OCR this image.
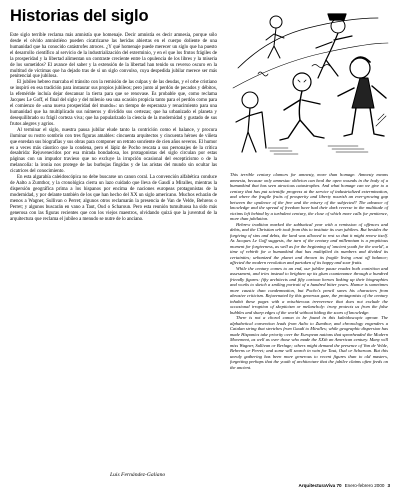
Historias del siglo

Este siglo terrible reclama más amnistía que homenaje. Decir amnistía es decir amnesia, porque sólo desde el olvido amnistiéno pueden cicatrizarse las heridas abiertas en el cuerpo doliente de una humanidad que ha conocido catástrofes atroces. ¿Y qué homenaje puede merecer un siglo que ha puesto el desarrollo científico al servicio de la industrialización del exterminio, y en el que los frutos frágiles de la prosperidad y la libertad alimentan un contraste creciente entre la opulencia de los libres y la miseria de los sometidos? El avance del saber y la extensión de la libertad han tenido su reverso oscuro en la multitud de víctimas que ha dejado tras de sí un siglo convulso, cuya despedida jubilar merece ser más penitencial que jubilosa.

El jubileo hebreo marcaba el tránsito con la remisión de las culpas y de las deudas, y el orbe cristiano se inspiró en esa tradición para instaurar sus propios jubileos; pero junto al perdón de pecados y débitos, la efeméride incluía dejar descansar la tierra para que se renovase. Es probable que, como reclama Jacques Le Goff, el final del siglo y del milenio sea una ocasión propicia tanto para el perdón como para el comienzo de «una nueva prosperidad del mundo»: un tiempo de esperanza y renacimiento para una humanidad que ha multiplicado sus números y dividido sus certezas; que ha urbanizado el planeta y desequilibrado su frágil corteza viva; que ha popularizado la ciencia de la modernidad y gustado de sus frutos alegres y agrios.

Al terminar el siglo, nuestra pausa jubilar elude tanto la contrición como el balance, y procura iluminar su rostro sombrío con tres figuras amables: cincuenta arquitectos y cincuenta héroes de viñeta que enredan sus biografías y sus obras para componer un retrato sonriente de cien años severos. El humor es a veces más cáustico que la condena, pero el lápiz de Pocho rescata a sus personajes de la crítica desabrida: Rejuvenecidos por esa mirada bondadosa, los protagonistas del siglo circulan por estas páginas con un impudor travieso que no excluye la irrupción ocasional del escepticismo o de la melancolía: la ironía nos protege de las burbujas fingidas y de las aristas del mundo sin ocultar las cicatrices del conocimiento.

En esta algarabía caleidoscópica no debe buscarse un canon coral. La convención alfabética conduce de Aalto a Zumthor, y la cronológica cierra un lazo cuidado que lleva de Gaudí a Miralles, mientras la dispersión geográfica prima a los hispanos por encima de naciones europeas protagonistas de la modernidad, y por delante también de los que han hecho del XX un siglo americano. Muchos echarán de menos a Wagner, Sullivan o Perret; algunos otros reclamarán la presencia de Van de Velde, Behrens o Perret; y algunos buscarán en vano a Taut, Oud o Scharoun. Pero esta reunión tumultuosa ha sido más generosa con las figuras recientes que con los viejos maestros, olvidando quizá que la juventud de la arquitectura que reclama el jubileo a menudo se nutre de lo anciano.

Luis Fernández-Galiano

This terrible century clamors for amnesty, more than homage. Amnesty means amnesia, because only amnesiac oblivion can heal the open wounds in the body of a humankind that has seen atrocious catastrophes. And what homage can we give to a century that has put scientific progress at the service of industrialized extermination, and where the fragile fruits of prosperity and liberty nourish an ever-growing gap between the opulence of the free and the misery of the subjected? The advance of knowledge and the spread of freedom have had their dark reverse in the multitude of victims left behind by a turbulent century, the close of which more calls for penitence, more than jubilation.

Hebrew tradition marked the sabbatical year with a remission of offences and debts, and the Christian orb took from this to institute its own jubilees. But besides the forgiving of sins and debts, the land was allowed to rest so that it might renew itself. As Jacques Le Goff suggests, the turn of the century and millennium is a propitious moment for forgiveness, as well as for the beginning of 'ancient youth for the world', a time of rebirth for a humankind that has multiplied its numbers and divided its certainties; urbanized the planet and thrown its fragile living crust off balance; affected the modern revolution and partaken of its happy and sour fruits.

While the century comes to an end, our jubilee pause evades both contrition and assessment, and tries instead to brighten up its glum countenance through a hundred friendly figures: fifty architects and fifty cartoon heroes linking up their biographies and works to sketch a smiling portrait of a hundred bitter years. Humor is sometimes more caustic than condemnation, but Pocho's pencil saves his characters from abrasive criticism. Rejuvenated by this generous gaze, the protagonists of the century inhabit these pages with a mischievous irreverence that does not exclude the occasional irruption of skepticism or melancholy: irony protects us from the false bubbles and sharp edges of the world without hiding the scars of knowledge.

There is not a choral canon to be found in this kaleidoscopic uproar. The alphabetical convention leads from Aalto to Zumthor, and chronology engenders a Catalan string that stretches from Gaudí to Miralles; while geographic dispersion has made Hispanics take priority over the European nations that spearheaded the Modern Movement, as well as over those who made the XXth an American century. Many will miss Wagner, Sullivan or Berlage; others might demand the presence of Van de Velde, Behrens or Perret; and some will search in vain for Taut, Oud or Scharoun. But this unruly gathering has been more generous to recent figures than to old masters, forgetting perhaps that the youth of architecture that the jubilee claims often feeds on the ancient.

ArquitecturaViva 70 Enero-febrero 2000 3
